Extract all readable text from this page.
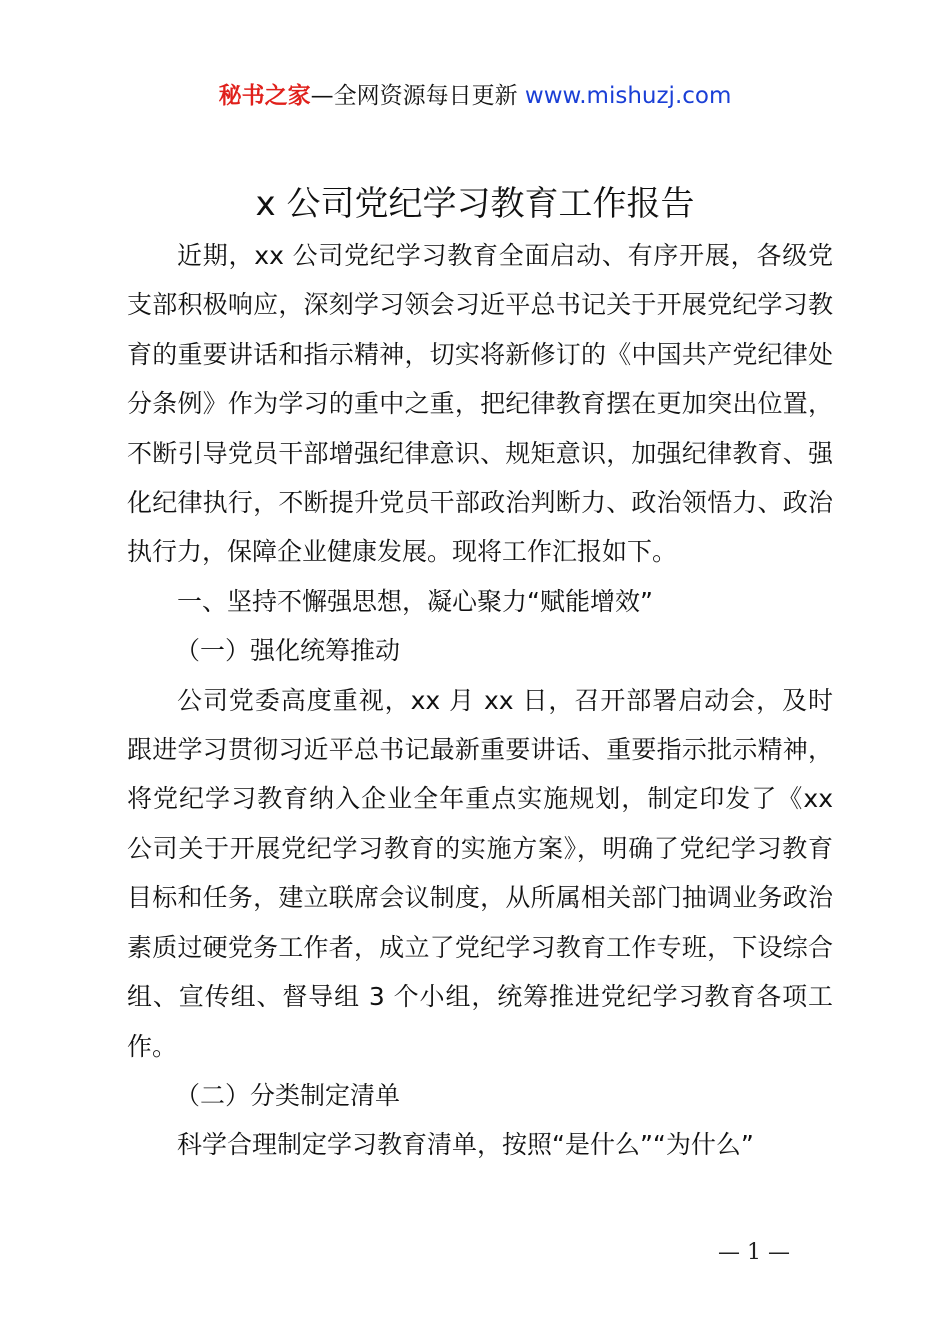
秘书之家—全网资源每日更新 www.mishuzj.com
x 公司党纪学习教育工作报告

近期，xx 公司党纪学习教育全面启动、有序开展，各级党支部积极响应，深刻学习领会习近平总书记关于开展党纪学习教育的重要讲话和指示精神，切实将新修订的《中国共产党纪律处分条例》作为学习的重中之重，把纪律教育摆在更加突出位置，不断引导党员干部增强纪律意识、规矩意识，加强纪律教育、强化纪律执行，不断提升党员干部政治判断力、政治领悟力、政治执行力，保障企业健康发展。现将工作汇报如下。

一、坚持不懈强思想，凝心聚力“赋能增效”

（一）强化统筹推动

公司党委高度重视，xx 月 xx 日，召开部署启动会，及时跟进学习贯彻习近平总书记最新重要讲话、重要指示批示精神，将党纪学习教育纳入企业全年重点实施规划，制定印发了《xx 公司关于开展党纪学习教育的实施方案》，明确了党纪学习教育目标和任务，建立联席会议制度，从所属相关部门抽调业务政治素质过硬党务工作者，成立了党纪学习教育工作专班，下设综合组、宣传组、督导组 3 个小组，统筹推进党纪学习教育各项工作。

（二）分类制定清单

科学合理制定学习教育清单，按照“是什么”“为什么”

— 1 —
